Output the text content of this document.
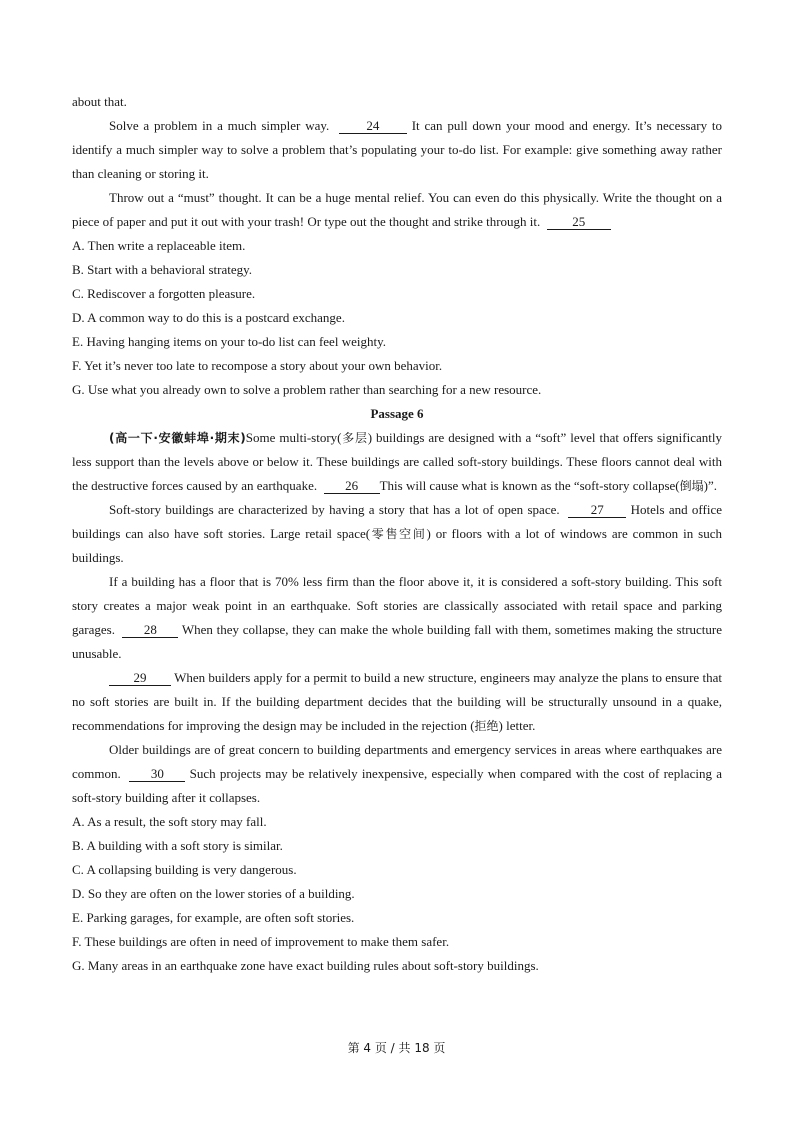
about that.

Solve a problem in a much simpler way.	24 It can pull down your mood and energy. It’s necessary to identify a much simpler way to solve a problem that’s populating your to-do list. For example: give something away rather than cleaning or storing it.

Throw out a “must” thought. It can be a huge mental relief. You can even do this physically. Write the thought on a piece of paper and put it out with your trash! Or type out the thought and strike through it. 25

A. Then write a replaceable item.

B. Start with a behavioral strategy.

C. Rediscover a forgotten pleasure.

D. A common way to do this is a postcard exchange.

E. Having hanging items on your to-do list can feel weighty.

F. Yet it’s never too late to recompose a story about your own behavior.

G. Use what you already own to solve a problem rather than searching for a new resource.

Passage 6

(高一下·安徽蚌埠·期末)Some multi-story(多层) buildings are designed with a “soft” level that offers significantly less support than the levels above or below it. These buildings are called soft-story buildings. These floors cannot deal with the destructive forces caused by an earthquake. 26 This will cause what is known as the “soft-story collapse(倒塌)”.

Soft-story buildings are characterized by having a story that has a lot of open space. 27 Hotels and office buildings can also have soft stories. Large retail space(零售空间) or floors with a lot of windows are common in such buildings.

If a building has a floor that is 70% less firm than the floor above it, it is considered a soft-story building. This soft story creates a major weak point in an earthquake. Soft stories are classically associated with retail space and parking garages. 28 When they collapse, they can make the whole building fall with them, sometimes making the structure unusable.

29 When builders apply for a permit to build a new structure, engineers may analyze the plans to ensure that no soft stories are built in. If the building department decides that the building will be structurally unsound in a quake, recommendations for improving the design may be included in the rejection (拒绝) letter.

Older buildings are of great concern to building departments and emergency services in areas where earthquakes are common. 30 Such projects may be relatively inexpensive, especially when compared with the cost of replacing a soft-story building after it collapses.

A. As a result, the soft story may fall.

B. A building with a soft story is similar.

C. A collapsing building is very dangerous.

D. So they are often on the lower stories of a building.

E. Parking garages, for example, are often soft stories.

F. These buildings are often in need of improvement to make them safer.

G. Many areas in an earthquake zone have exact building rules about soft-story buildings.

第 4 页 / 共 18 页
